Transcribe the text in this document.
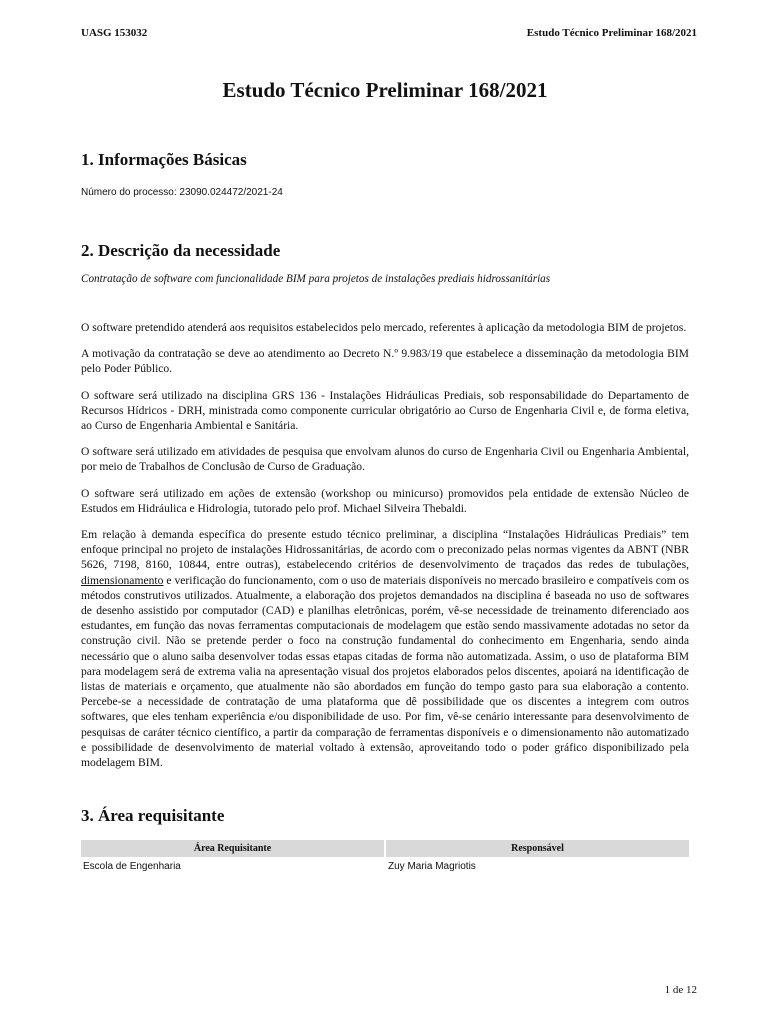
UASG 153032	Estudo Técnico Preliminar 168/2021
Estudo Técnico Preliminar 168/2021
1. Informações Básicas

Número do processo: 23090.024472/2021-24

2. Descrição da necessidade

Contratação de software com funcionalidade BIM para projetos de instalações prediais hidrossanitárias

O software pretendido atenderá aos requisitos estabelecidos pelo mercado, referentes à aplicação da metodologia BIM de projetos.

A motivação da contratação se deve ao atendimento ao Decreto N.º 9.983/19 que estabelece a disseminação da metodologia BIM pelo Poder Público.

O software será utilizado na disciplina GRS 136 - Instalações Hidráulicas Prediais, sob responsabilidade do Departamento de Recursos Hídricos - DRH, ministrada como componente curricular obrigatório ao Curso de Engenharia Civil e, de forma eletiva, ao Curso de Engenharia Ambiental e Sanitária.

O software será utilizado em atividades de pesquisa que envolvam alunos do curso de Engenharia Civil ou Engenharia Ambiental, por meio de Trabalhos de Conclusão de Curso de Graduação.

O software será utilizado em ações de extensão (workshop ou minicurso) promovidos pela entidade de extensão Núcleo de Estudos em Hidráulica e Hidrologia, tutorado pelo prof. Michael Silveira Thebaldi.

Em relação à demanda específica do presente estudo técnico preliminar, a disciplina “Instalações Hidráulicas Prediais” tem enfoque principal no projeto de instalações Hidrossanitárias, de acordo com o preconizado pelas normas vigentes da ABNT (NBR 5626, 7198, 8160, 10844, entre outras), estabelecendo critérios de desenvolvimento de traçados das redes de tubulações, dimensionamento e verificação do funcionamento, com o uso de materiais disponíveis no mercado brasileiro e compatíveis com os métodos construtivos utilizados. Atualmente, a elaboração dos projetos demandados na disciplina é baseada no uso de softwares de desenho assistido por computador (CAD) e planilhas eletrônicas, porém, vê-se necessidade de treinamento diferenciado aos estudantes, em função das novas ferramentas computacionais de modelagem que estão sendo massivamente adotadas no setor da construção civil. Não se pretende perder o foco na construção fundamental do conhecimento em Engenharia, sendo ainda necessário que o aluno saiba desenvolver todas essas etapas citadas de forma não automatizada. Assim, o uso de plataforma BIM para modelagem será de extrema valia na apresentação visual dos projetos elaborados pelos discentes, apoiará na identificação de listas de materiais e orçamento, que atualmente não são abordados em função do tempo gasto para sua elaboração a contento. Percebe-se a necessidade de contratação de uma plataforma que dê possibilidade que os discentes a integrem com outros softwares, que eles tenham experiência e/ou disponibilidade de uso. Por fim, vê-se cenário interessante para desenvolvimento de pesquisas de caráter técnico científico, a partir da comparação de ferramentas disponíveis e o dimensionamento não automatizado e possibilidade de desenvolvimento de material voltado à extensão, aproveitando todo o poder gráfico disponibilizado pela modelagem BIM.

3. Área requisitante
Área Requisitante	Responsável
Escola de Engenharia	Zuy Maria Magriotis
1 de 12
